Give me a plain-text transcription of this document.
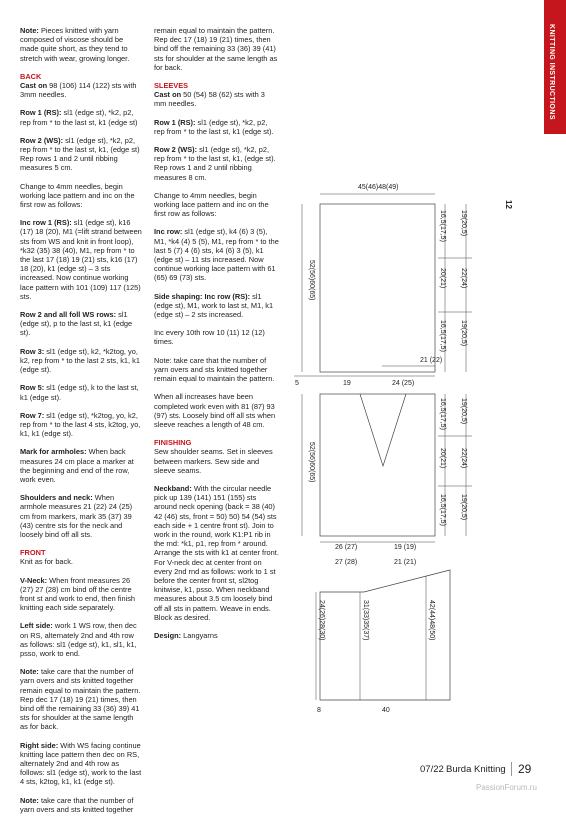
KNITTING INSTRUCTIONS

Note: Pieces knitted with yarn composed of viscose should be made quite short, as they tend to stretch with wear, growing longer.

BACK
Cast on 98 (106) 114 (122) sts with 3mm needles.

Row 1 (RS): sl1 (edge st), *k2, p2, rep from * to the last st, k1 (edge st)

Row 2 (WS): sl1 (edge st), *k2, p2, rep from * to the last st, k1, (edge st) Rep rows 1 and 2 until ribbing measures 5 cm.

Change to 4mm needles, begin working lace pattern and inc on the first row as follows:

Inc row 1 (RS): sl1 (edge st), k16 (17) 18 (20), M1 (=lift strand between sts from WS and knit in front loop), *k32 (35) 38 (40), M1, rep from * to the last 17 (18) 19 (21) sts, k16 (17) 18 (20), k1 (edge st) – 3 sts increased. Now continue working lace pattern with 101 (109) 117 (125) sts.

Row 2 and all foll WS rows: sl1 (edge st), p to the last st, k1 (edge st).

Row 3: sl1 (edge st), k2, *k2tog, yo, k2, rep from * to the last 2 sts, k1, k1 (edge st).

Row 5: sl1 (edge st), k to the last st, k1 (edge st).

Row 7: sl1 (edge st), *k2tog, yo, k2, rep from * to the last 4 sts, k2tog, yo, k1, k1 (edge st).

Mark for armholes: When back measures 24 cm place a marker at the beginning and end of the row, work even.

Shoulders and neck: When armhole measures 21 (22) 24 (25) cm from markers, mark 35 (37) 39 (43) centre sts for the neck and loosely bind off all sts.

FRONT
Knit as for back.

V-Neck: When front measures 26 (27) 27 (28) cm bind off the centre front st and work to end, then finish knitting each side separately.

Left side: work 1 WS row, then dec on RS, alternately 2nd and 4th row as follows: sl1 (edge st), k1, sl1, k1, psso, work to end.

Note: take care that the number of yarn overs and sts knitted together remain equal to maintain the pattern. Rep dec 17 (18) 19 (21) times, then bind off the remaining 33 (36) 39) 41 sts for shoulder at the same length as for back.

Right side: With WS facing continue knitting lace pattern then dec on RS, alternately 2nd and 4th row as follows: sl1 (edge st), work to the last 4 sts, k2tog, k1, k1 (edge st).

Note: take care that the number of yarn overs and sts knitted together

remain equal to maintain the pattern. Rep dec 17 (18) 19 (21) times, then bind off the remaining 33 (36) 39 (41) sts for shoulder at the same length as for back.

SLEEVES
Cast on 50 (54) 58 (62) sts with 3 mm needles.

Row 1 (RS): sl1 (edge st), *k2, p2, rep from * to the last st, k1 (edge st).

Row 2 (WS): sl1 (edge st), *k2, p2, rep from * to the last st, k1, (edge st). Rep rows 1 and 2 until ribbing measures 8 cm.

Change to 4mm needles, begin working lace pattern and inc on the first row as follows:

Inc row: sl1 (edge st), k4 (6) 3 (5), M1, *k4 (4) 5 (5), M1, rep from * to the last 5 (7) 4 (6) sts, k4 (6) 3 (5), k1 (edge st) – 11 sts increased. Now continue working lace pattern with 61 (65) 69 (73) sts.

Side shaping: Inc row (RS): sl1 (edge st), M1, work to last st, M1, k1 (edge st) – 2 sts increased.

Inc every 10th row 10 (11) 12 (12) times.

Note: take care that the number of yarn overs and sts knitted together remain equal to maintain the pattern.

When all increases have been completed work even with 81 (87) 93 (97) sts. Loosely bind off all sts when sleeve reaches a length of 48 cm.

FINISHING
Sew shoulder seams. Set in sleeves between markers. Sew side and sleeve seams.

Neckband: With the circular needle pick up 139 (141) 151 (155) sts around neck opening (back = 38 (40) 42 (46) sts, front = 50) 50) 54 (54) sts each side + 1 centre front st). Join to work in the round, work K1:P1 rib in the rnd: *k1, p1, rep from * around. Arrange the sts with k1 at center front. For V-neck dec at center front on every 2nd rnd as follows: work to 1 st before the center front st, sl2tog knitwise, k1, psso. When neckband measures about 3.5 cm loosely bind off all sts in pattern. Weave in ends. Block as desired.

Design: Langyarns

12
45(46)48(49)
52(56)60(65)
21 (22)
5	19	24 (25)
16,5(17,5) 19(20,5)
20(21) 22(24)
16,5(17,5) 19(20,5)
52(56)60(65)
16,5(17,5) 19(20,5)
20(21) 22(24)
16,5(17,5) 19(20,5)
26 (27)	19 (19)
27 (28)	21 (21)
24(26)28(30)	31(33)35(37)	42(44)48(50)
8	40
07/22 Burda Knitting 29
PassionForum.ru
